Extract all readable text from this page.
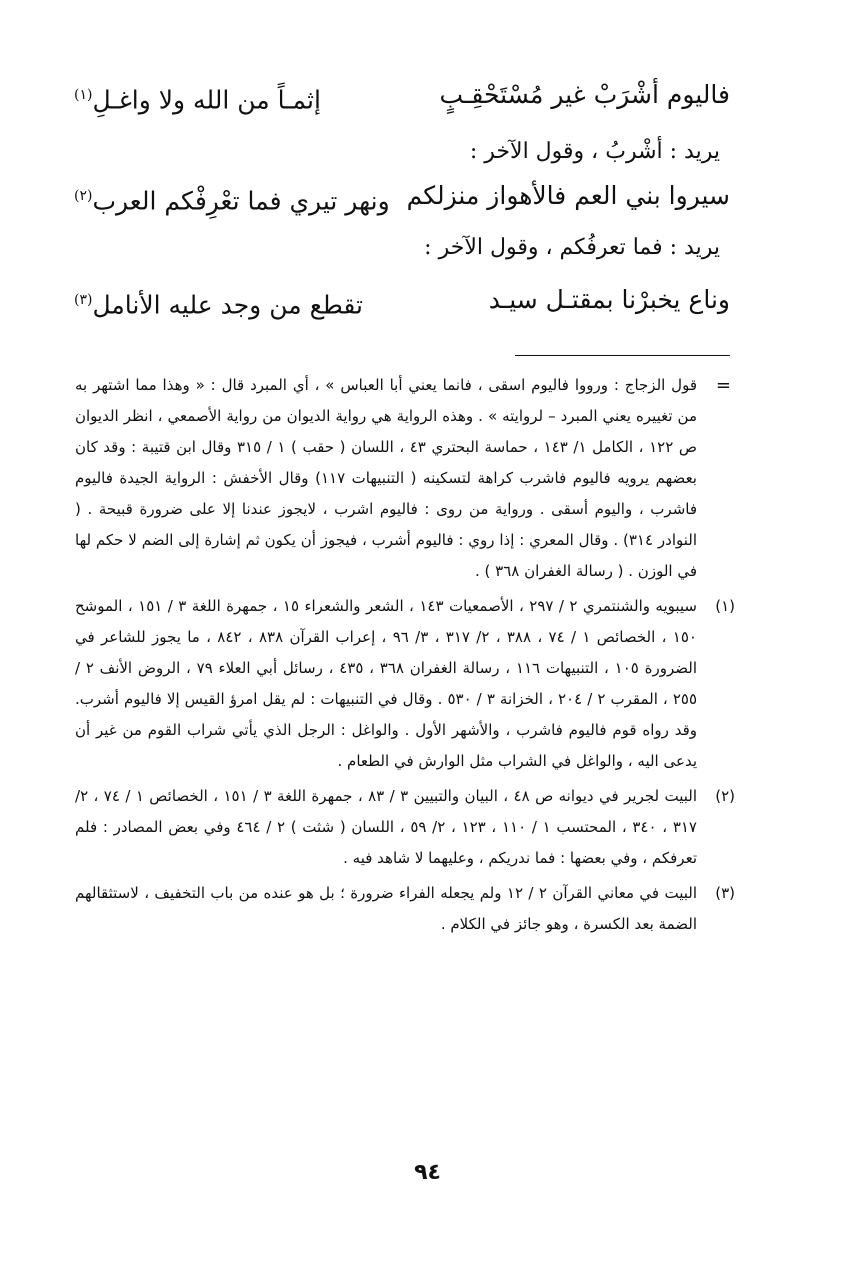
فاليوم أشْرَبْ غير مُسْتَحْقِـبٍ
إثمـاً من الله ولا واغـلِ$^{(١)}$
يريد : أشْربُ ، وقول الآخر :
سيروا بني العم فالأهواز منزلكم
ونهر تيري فما تعْرِفْكم العرب$^{(٢)}$
يريد : فما تعرفُكم ، وقول الآخر :
وناع يخبرْنا بمقتـل سيـد
تقطع من وجد عليه الأنامل$^{(٣)}$
=
قول الزجاج : ورووا فاليوم اسقى ، فانما يعني أبا العباس » ، أي المبرد قال : « وهذا مما اشتهر به من تغييره يعني المبرد – لروايته » . وهذه الرواية هي رواية الديوان من رواية الأصمعي ، انظر الديوان ص ١٢٢ ، الكامل ١/ ١٤٣ ، حماسة البحتري ٤٣ ، اللسان ( حقب ) ١ / ٣١٥ وقال ابن قتيبة : وقد كان بعضهم يرويه فاليوم فاشرب كراهة لتسكينه ( التنبيهات ١١٧) وقال الأخفش : الرواية الجيدة فاليوم فاشرب ، واليوم أسقى . ورواية من روى : فاليوم اشرب ، لايجوز عندنا إلا على ضرورة قبيحة . ( النوادر ٣١٤) . وقال المعري : إذا روي : فاليوم أشرب ، فيجوز أن يكون ثم إشارة إلى الضم لا حكم لها في الوزن . ( رسالة الغفران ٣٦٨ ) .
(١)
سيبويه والشنتمري ٢ / ٢٩٧ ، الأصمعيات ١٤٣ ، الشعر والشعراء ١٥ ، جمهرة اللغة ٣ / ١٥١ ، الموشح ١٥٠ ، الخصائص ١ / ٧٤ ، ٣٨٨ ، ٢/ ٣١٧ ، ٣/ ٩٦ ، إعراب القرآن ٨٣٨ ، ٨٤٢ ، ما يجوز للشاعر في الضرورة ١٠٥ ، التنبيهات ١١٦ ، رسالة الغفران ٣٦٨ ، ٤٣٥ ، رسائل أبي العلاء ٧٩ ، الروض الأنف ٢ / ٢٥٥ ، المقرب ٢ / ٢٠٤ ، الخزانة ٣ / ٥٣٠ . وقال في التنبيهات : لم يقل امرؤ القيس إلا فاليوم أشرب. وقد رواه قوم فاليوم فاشرب ، والأشهر الأول . والواغل : الرجل الذي يأتي شراب القوم من غير أن يدعى اليه ، والواغل في الشراب مثل الوارش في الطعام .
(٢)
البيت لجرير في ديوانه ص ٤٨ ، البيان والتبيين ٣ / ٨٣ ، جمهرة اللغة ٣ / ١٥١ ، الخصائص ١ / ٧٤ ، ٢/ ٣١٧ ، ٣٤٠ ، المحتسب ١ / ١١٠ ، ١٢٣ ، ٢/ ٥٩ ، اللسان ( شثت ) ٢ / ٤٦٤ وفي بعض المصادر : فلم تعرفكم ، وفي بعضها : فما ندريكم ، وعليهما لا شاهد فيه .
(٣)
البيت في معاني القرآن ٢ / ١٢ ولم يجعله الفراء ضرورة ؛ بل هو عنده من باب التخفيف ، لاستثقالهم الضمة بعد الكسرة ، وهو جائز في الكلام .
٩٤
